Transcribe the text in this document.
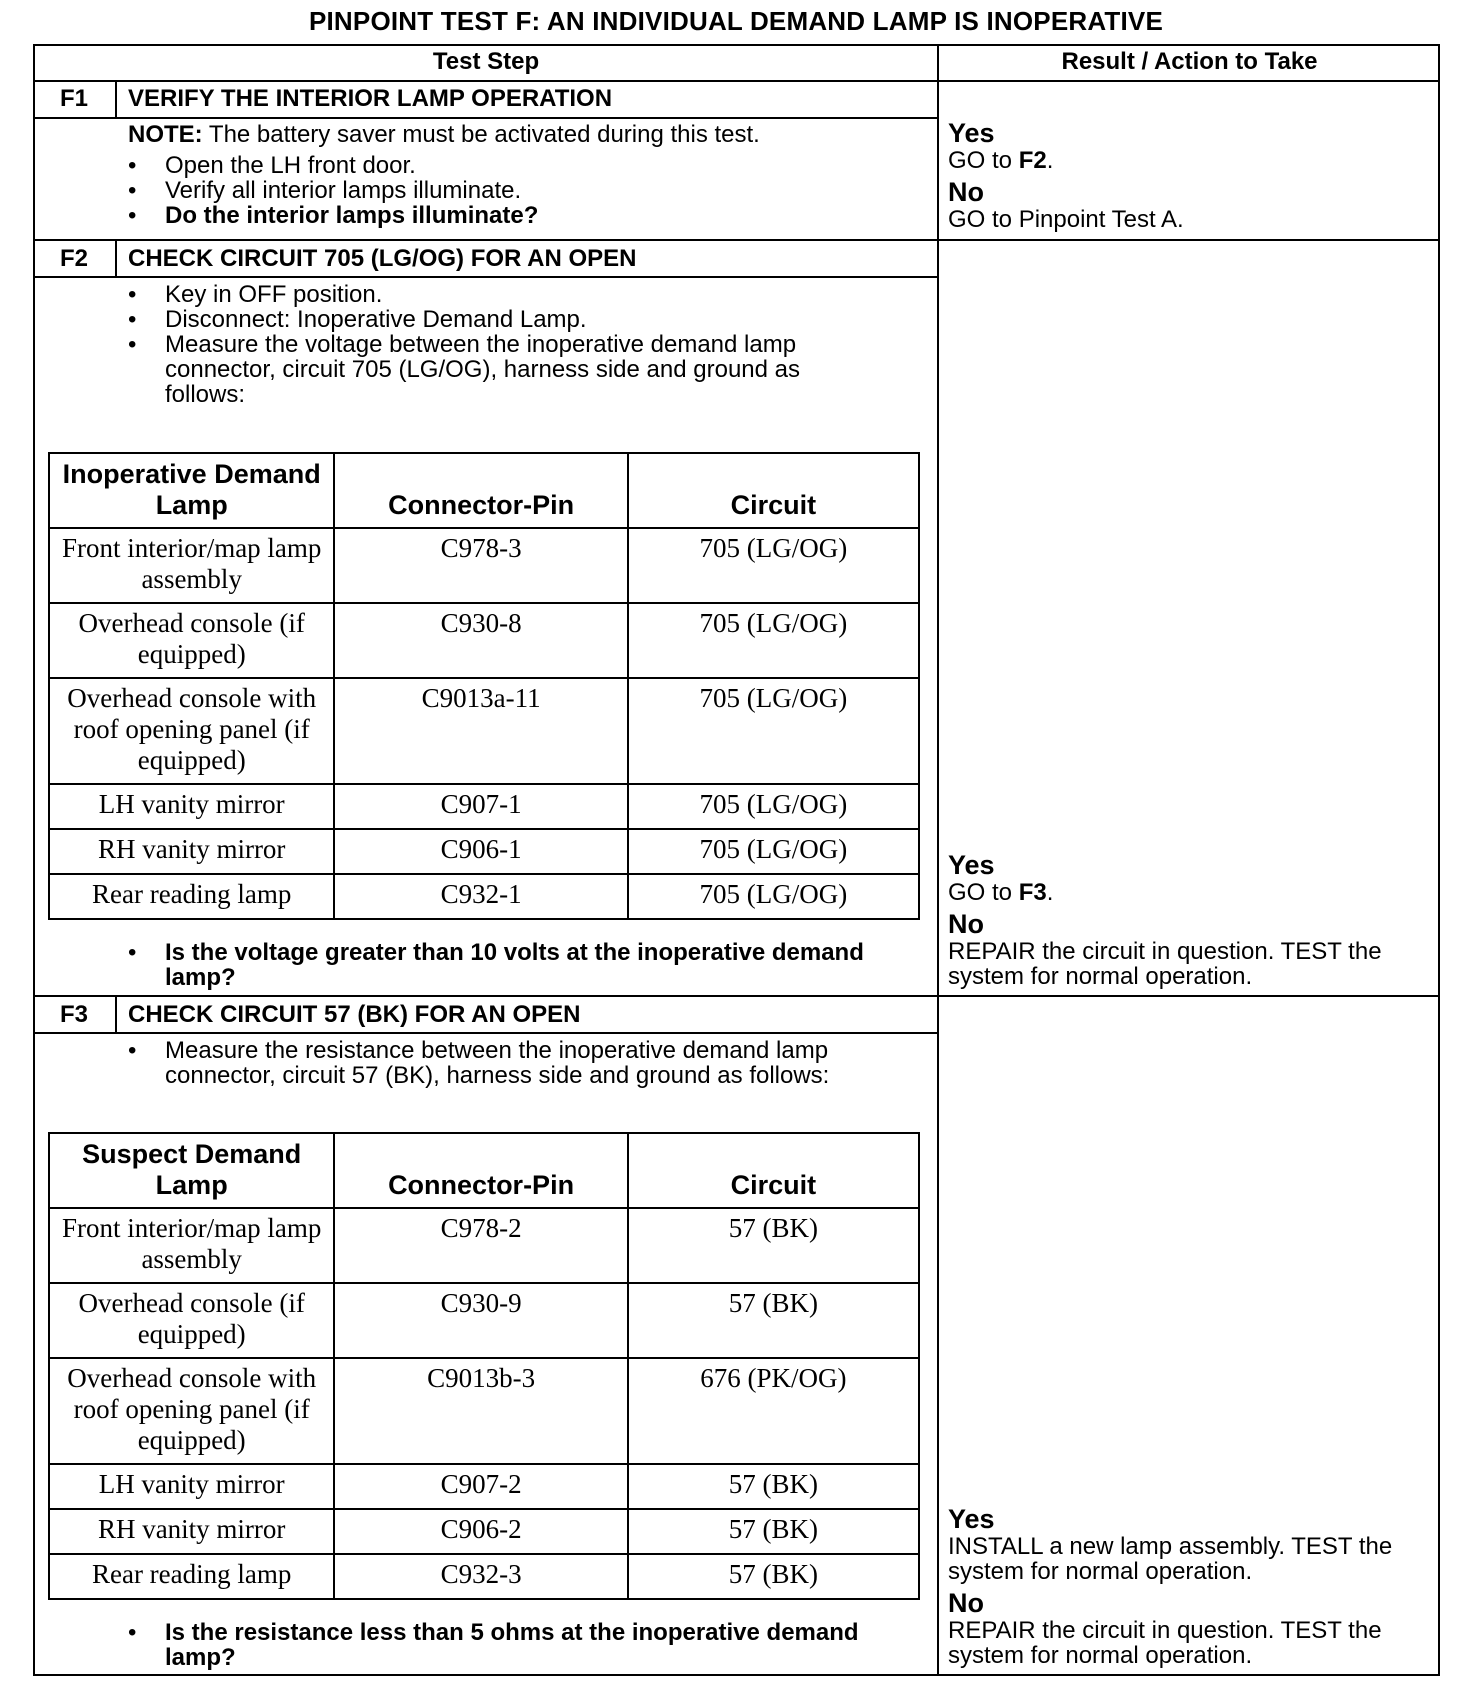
PINPOINT TEST F: AN INDIVIDUAL DEMAND LAMP IS INOPERATIVE
Test Step	Result / Action to Take
F1	VERIFY THE INTERIOR LAMP OPERATION
NOTE: The battery saver must be activated during this test.
• Open the LH front door.
• Verify all interior lamps illuminate.
• Do the interior lamps illuminate?
Yes
GO to F2.
No
GO to Pinpoint Test A.
F2	CHECK CIRCUIT 705 (LG/OG) FOR AN OPEN
• Key in OFF position.
• Disconnect: Inoperative Demand Lamp.
• Measure the voltage between the inoperative demand lamp connector, circuit 705 (LG/OG), harness side and ground as follows:
Inoperative Demand Lamp	Connector-Pin	Circuit
Front interior/map lamp assembly	C978-3	705 (LG/OG)
Overhead console (if equipped)	C930-8	705 (LG/OG)
Overhead console with roof opening panel (if equipped)	C9013a-11	705 (LG/OG)
LH vanity mirror	C907-1	705 (LG/OG)
RH vanity mirror	C906-1	705 (LG/OG)
Rear reading lamp	C932-1	705 (LG/OG)
• Is the voltage greater than 10 volts at the inoperative demand lamp?
Yes
GO to F3.
No
REPAIR the circuit in question. TEST the system for normal operation.
F3	CHECK CIRCUIT 57 (BK) FOR AN OPEN
• Measure the resistance between the inoperative demand lamp connector, circuit 57 (BK), harness side and ground as follows:
Suspect Demand Lamp	Connector-Pin	Circuit
Front interior/map lamp assembly	C978-2	57 (BK)
Overhead console (if equipped)	C930-9	57 (BK)
Overhead console with roof opening panel (if equipped)	C9013b-3	676 (PK/OG)
LH vanity mirror	C907-2	57 (BK)
RH vanity mirror	C906-2	57 (BK)
Rear reading lamp	C932-3	57 (BK)
• Is the resistance less than 5 ohms at the inoperative demand lamp?
Yes
INSTALL a new lamp assembly. TEST the system for normal operation.
No
REPAIR the circuit in question. TEST the system for normal operation.
